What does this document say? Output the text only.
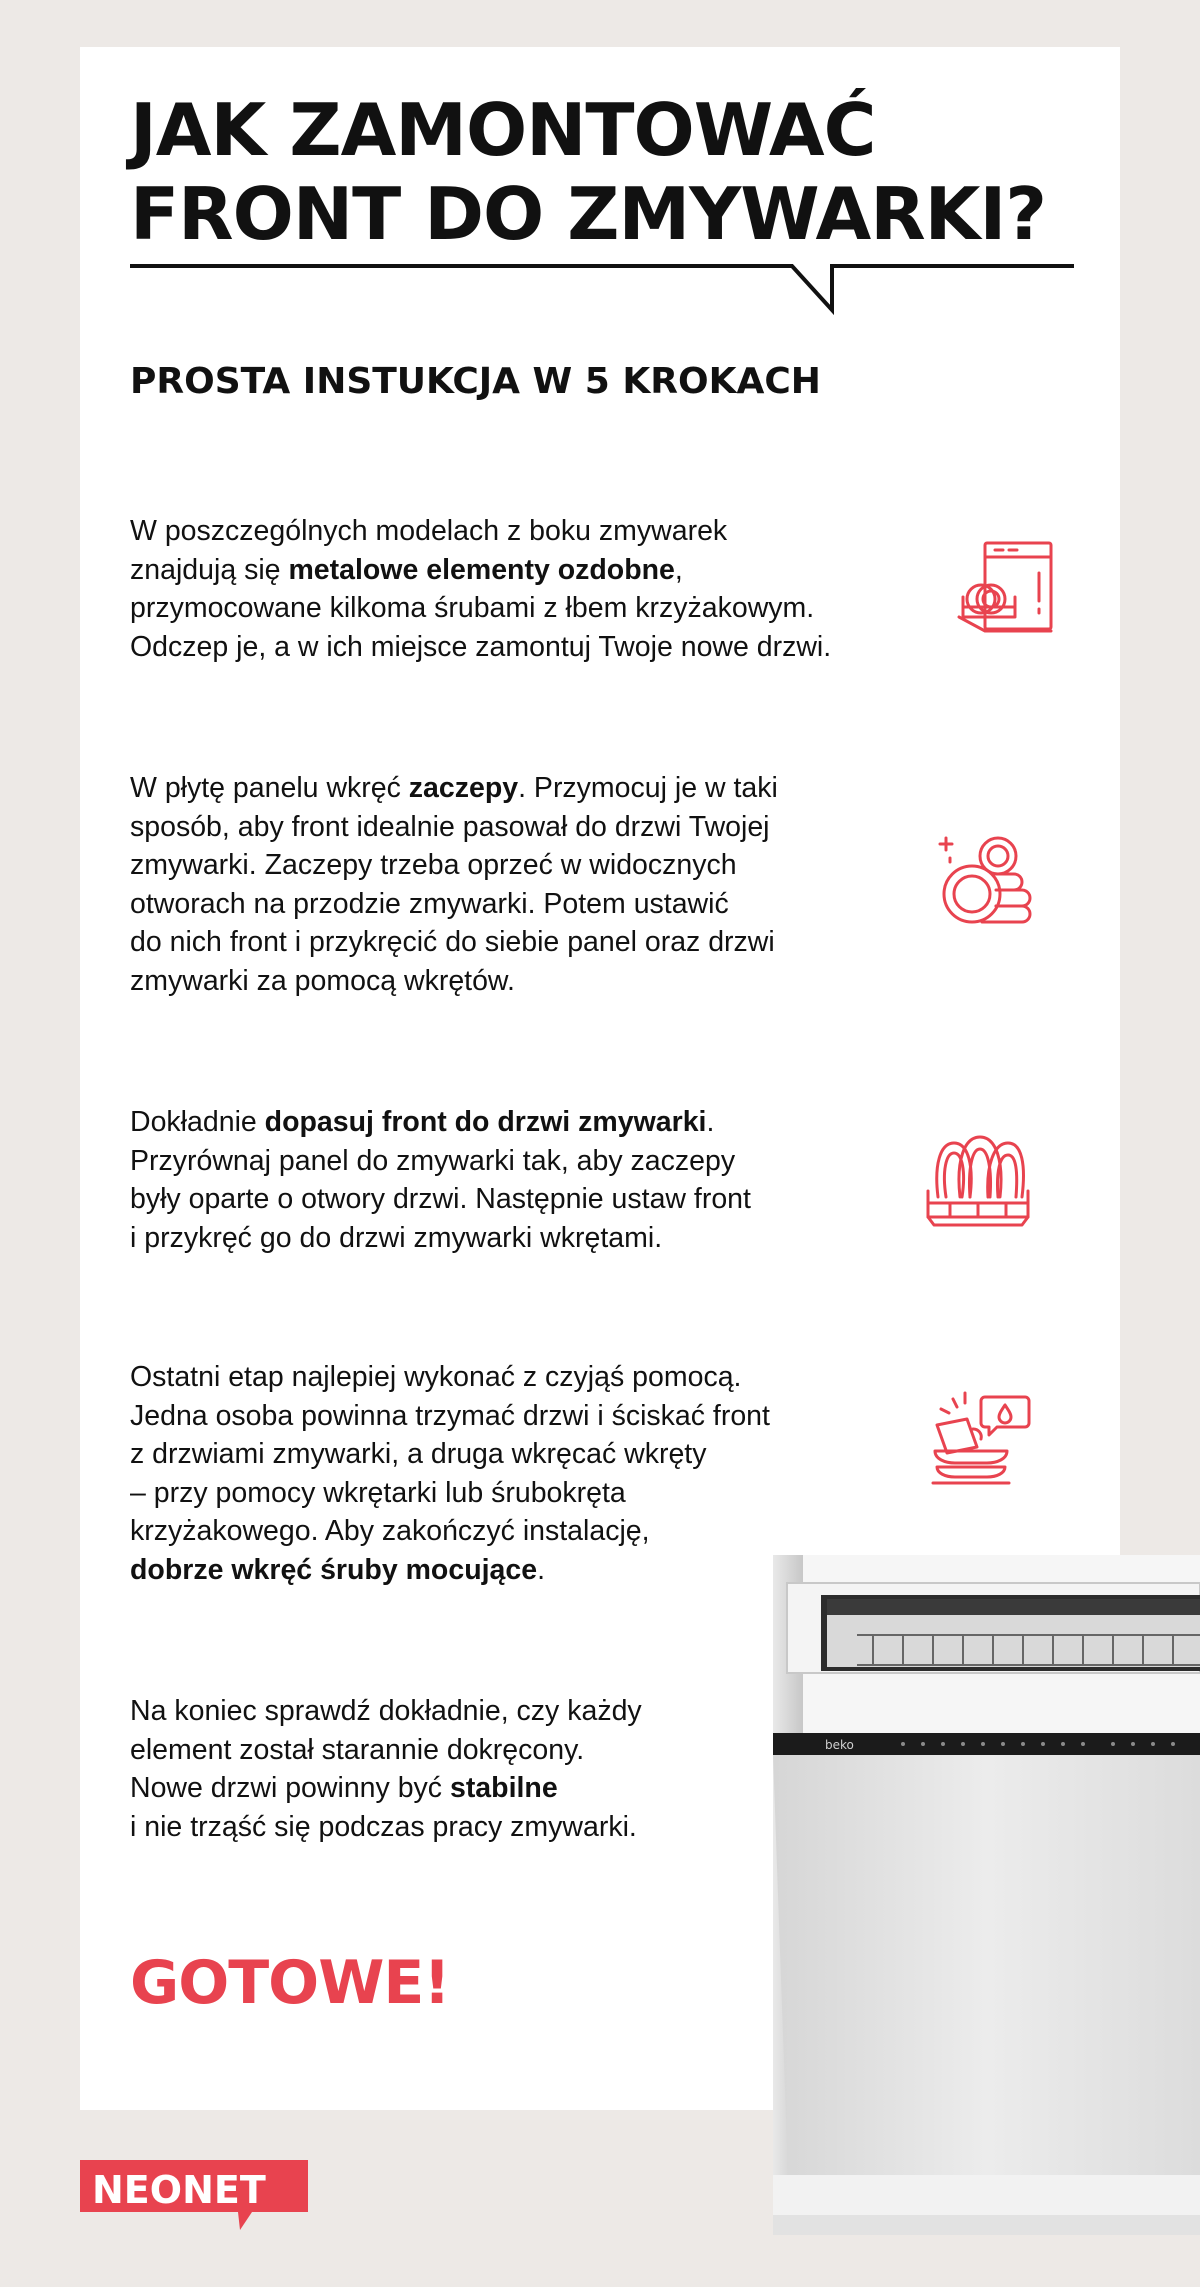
JAK ZAMONTOWAĆ
FRONT DO ZMYWARKI?
PROSTA INSTUKCJA W 5 KROKACH
W poszczególnych modelach z boku zmywarek
znajdują się metalowe elementy ozdobne,
przymocowane kilkoma śrubami z łbem krzyżakowym.
Odczep je, a w ich miejsce zamontuj Twoje nowe drzwi.
W płytę panelu wkręć zaczepy. Przymocuj je w taki
sposób, aby front idealnie pasował do drzwi Twojej
zmywarki. Zaczepy trzeba oprzeć w widocznych
otworach na przodzie zmywarki. Potem ustawić
do nich front i przykręcić do siebie panel oraz drzwi
zmywarki za pomocą wkrętów.
Dokładnie dopasuj front do drzwi zmywarki.
Przyrównaj panel do zmywarki tak, aby zaczepy
były oparte o otwory drzwi. Następnie ustaw front
i przykręć go do drzwi zmywarki wkrętami.
Ostatni etap najlepiej wykonać z czyjąś pomocą.
Jedna osoba powinna trzymać drzwi i ściskać front
z drzwiami zmywarki, a druga wkręcać wkręty
– przy pomocy wkrętarki lub śrubokręta
krzyżakowego. Aby zakończyć instalację,
dobrze wkręć śruby mocujące.
Na koniec sprawdź dokładnie, czy każdy
element został starannie dokręcony.
Nowe drzwi powinny być stabilne
i nie trząść się podczas pracy zmywarki.
GOTOWE!
beko
NEONET
